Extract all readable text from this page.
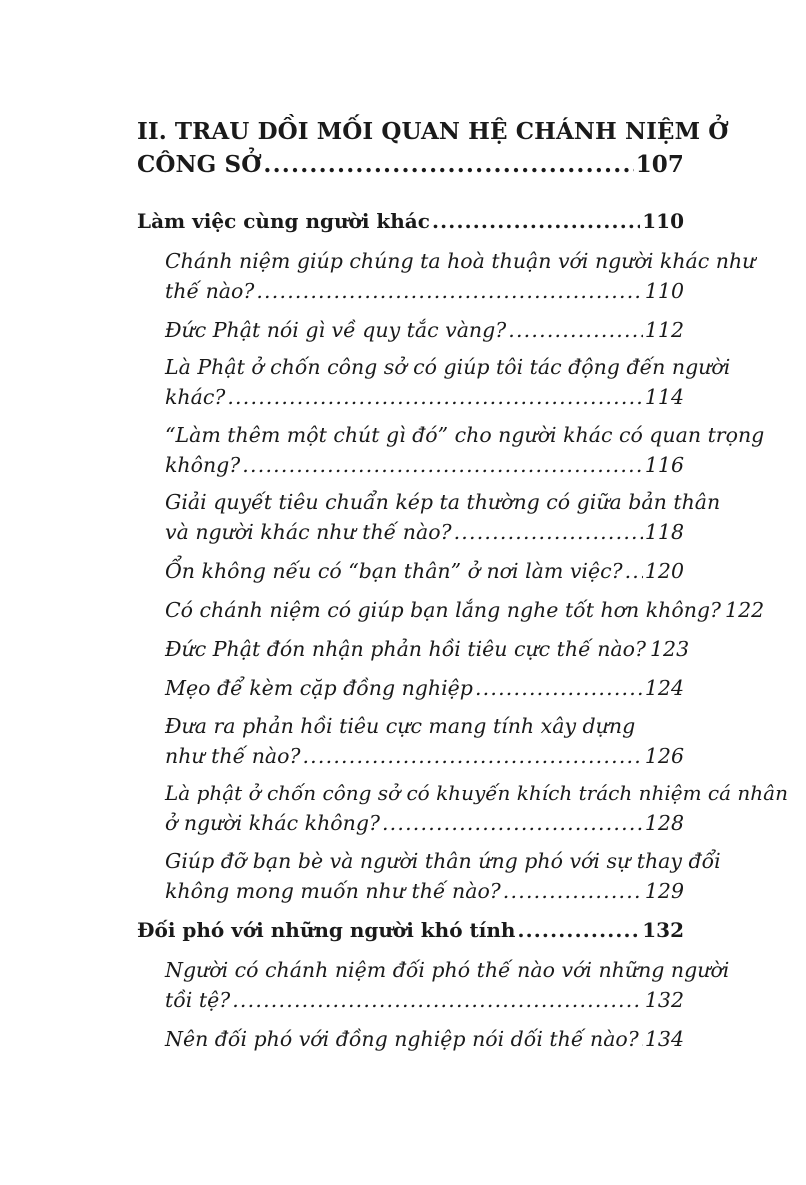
II. TRAU DỒI MỐI QUAN HỆ CHÁNH NIỆM Ở
CÔNG SỞ .....	107
Làm việc cùng người khác .....	110
Chánh niệm giúp chúng ta hoà thuận với người khác như
thế nào? .....	110
Đức Phật nói gì về quy tắc vàng? .....	112
Là Phật ở chốn công sở có giúp tôi tác động đến người
khác? .....	114
“Làm thêm một chút gì đó” cho người khác có quan trọng
không? .....	116
Giải quyết tiêu chuẩn kép ta thường có giữa bản thân
và người khác như thế nào? .....	118
Ổn không nếu có “bạn thân” ở nơi làm việc? ..... 120
Có chánh niệm có giúp bạn lắng nghe tốt hơn không? 122
Đức Phật đón nhận phản hồi tiêu cực thế nào? 123
Mẹo để kèm cặp đồng nghiệp .....	124
Đưa ra phản hồi tiêu cực mang tính xây dựng
như thế nào? .....	126
Là phật ở chốn công sở có khuyến khích trách nhiệm cá nhân
ở người khác không? .....	128
Giúp đỡ bạn bè và người thân ứng phó với sự thay đổi
không mong muốn như thế nào? .....	129
Đối phó với những người khó tính .....	132
Người có chánh niệm đối phó thế nào với những người
tồi tệ? .....	132
Nên đối phó với đồng nghiệp nói dối thế nào? ..... 134
